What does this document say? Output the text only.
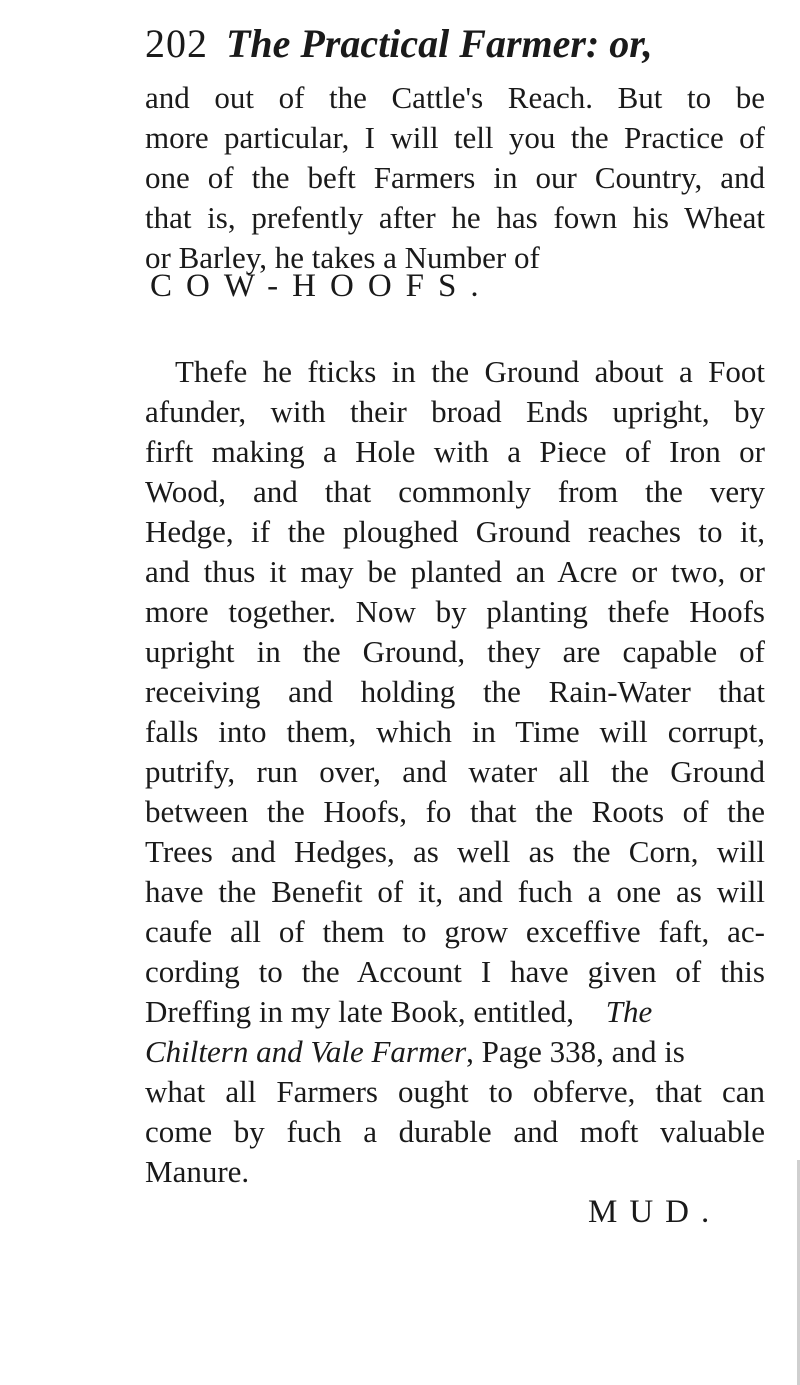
202 The Practical Farmer: or,
and out of the Cattle's Reach. But to be
more particular, I will tell you the Practice of
one of the beft Farmers in our Country, and
that is, prefently after he has fown his Wheat
or Barley, he takes a Number of
COW-HOOFS.
Thefe he fticks in the Ground about a Foot
afunder, with their broad Ends upright, by
firft making a Hole with a Piece of Iron or
Wood, and that commonly from the very
Hedge, if the ploughed Ground reaches to it,
and thus it may be planted an Acre or two, or
more together. Now by planting thefe Hoofs
upright in the Ground, they are capable of
receiving and holding the Rain-Water that
falls into them, which in Time will corrupt,
putrify, run over, and water all the Ground
between the Hoofs, fo that the Roots of the
Trees and Hedges, as well as the Corn, will
have the Benefit of it, and fuch a one as will
caufe all of them to grow exceffive faft, ac-
cording to the Account I have given of this
Dreffing in my late Book, entitled, The
Chiltern and Vale Farmer, Page 338, and is
what all Farmers ought to obferve, that can
come by fuch a durable and moft valuable
Manure.
MUD.
